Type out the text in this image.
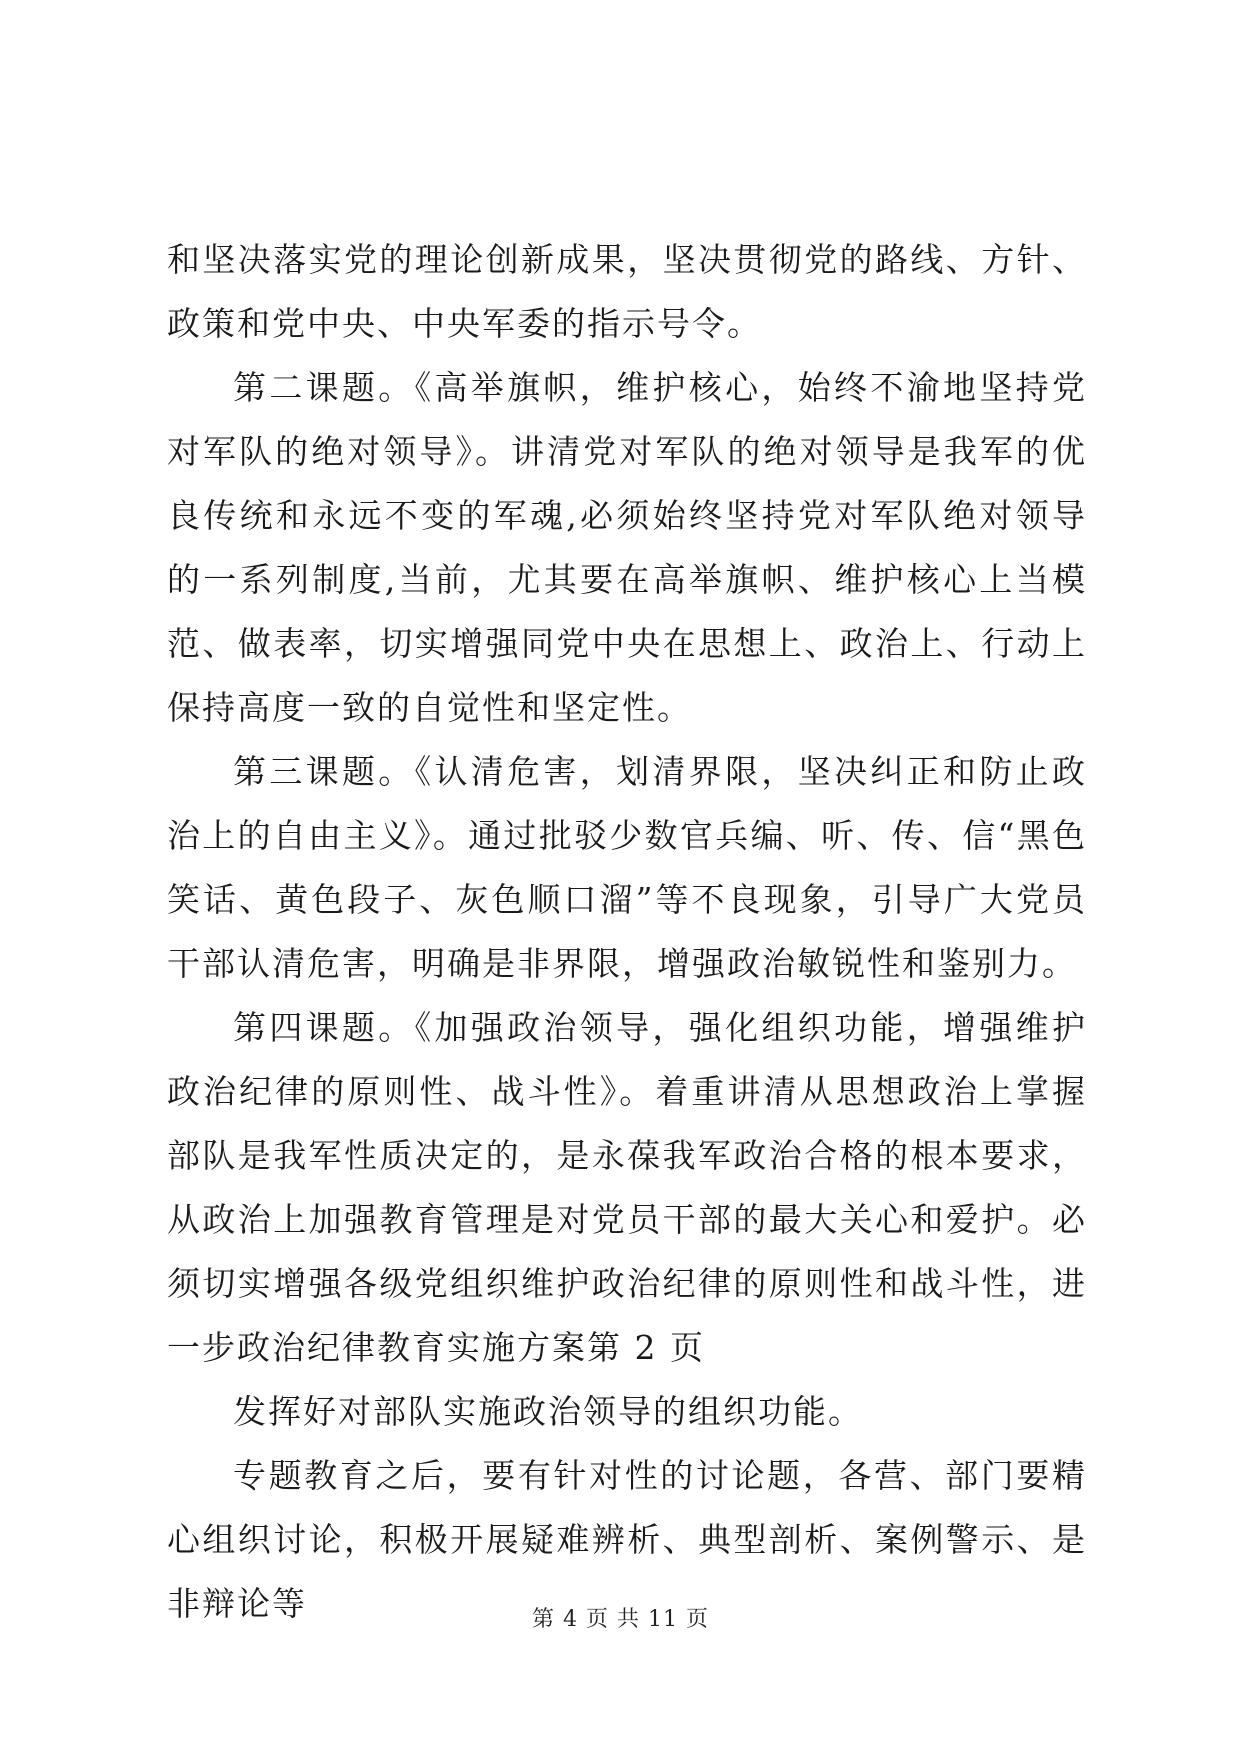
和坚决落实党的理论创新成果，坚决贯彻党的路线、方针、政策和党中央、中央军委的指示号令。

第二课题。《高举旗帜，维护核心，始终不渝地坚持党对军队的绝对领导》。讲清党对军队的绝对领导是我军的优良传统和永远不变的军魂,必须始终坚持党对军队绝对领导的一系列制度,当前，尤其要在高举旗帜、维护核心上当模范、做表率，切实增强同党中央在思想上、政治上、行动上保持高度一致的自觉性和坚定性。

第三课题。《认清危害，划清界限，坚决纠正和防止政治上的自由主义》。通过批驳少数官兵编、听、传、信“黑色笑话、黄色段子、灰色顺口溜”等不良现象，引导广大党员干部认清危害，明确是非界限，增强政治敏锐性和鉴别力。

第四课题。《加强政治领导，强化组织功能，增强维护政治纪律的原则性、战斗性》。着重讲清从思想政治上掌握部队是我军性质决定的，是永葆我军政治合格的根本要求，从政治上加强教育管理是对党员干部的最大关心和爱护。必须切实增强各级党组织维护政治纪律的原则性和战斗性，进一步政治纪律教育实施方案第 2 页

发挥好对部队实施政治领导的组织功能。

专题教育之后，要有针对性的讨论题，各营、部门要精心组织讨论，积极开展疑难辨析、典型剖析、案例警示、是非辩论等	第 4 页 共 11 页
